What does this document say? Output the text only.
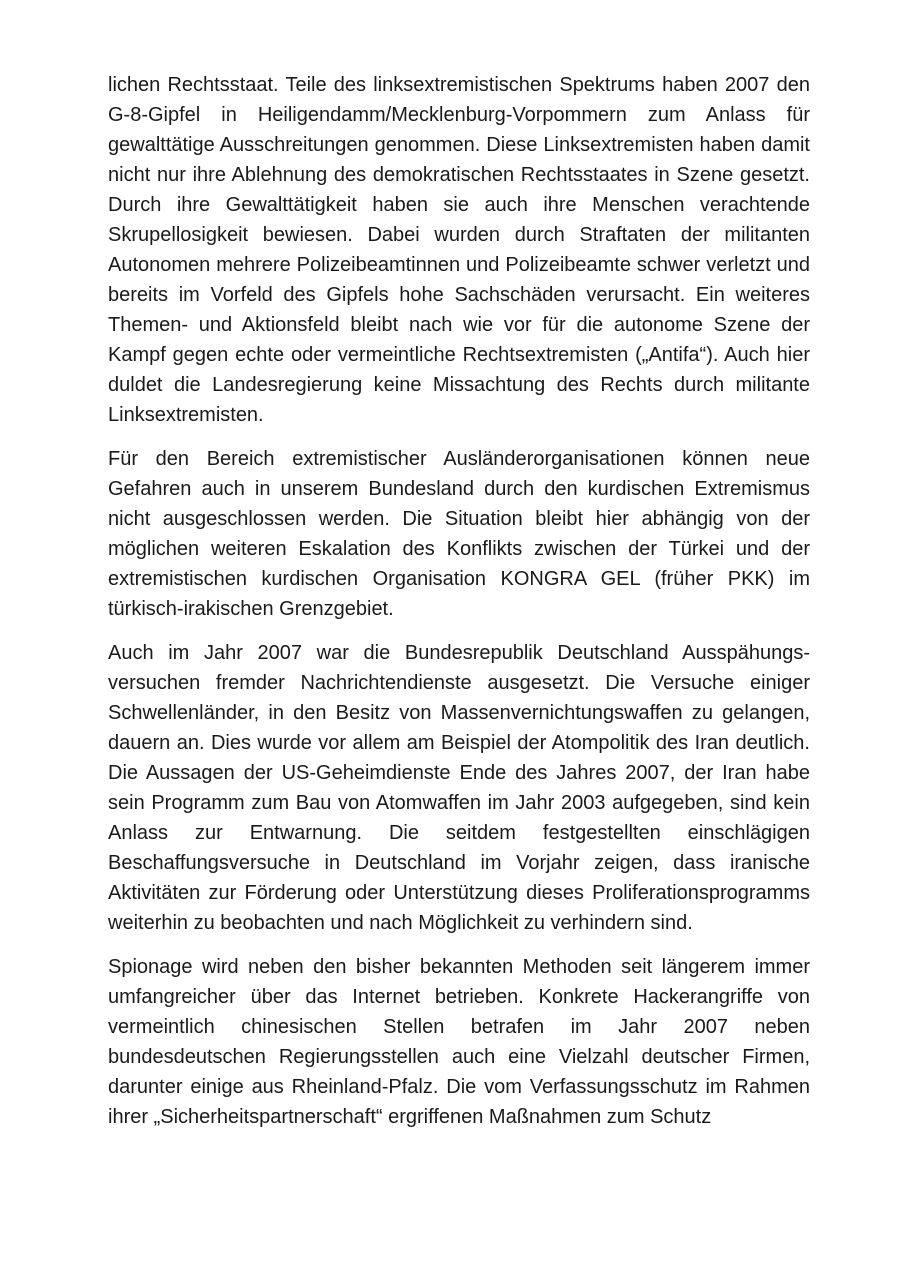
lichen Rechtsstaat. Teile des linksextremistischen Spektrums haben 2007 den G-8-Gipfel in Heiligendamm/Mecklenburg-Vorpommern zum Anlass für gewalttätige Ausschreitungen genommen. Diese Linksextremisten haben damit nicht nur ihre Ablehnung des demokratischen Rechtsstaates in Szene gesetzt. Durch ihre Gewalttätigkeit haben sie auch ihre Menschen verachtende Skrupellosigkeit bewiesen. Dabei wurden durch Straftaten der militanten Autonomen mehrere Polizeibeamtinnen und Polizeibeamte schwer verletzt und bereits im Vorfeld des Gipfels hohe Sachschäden verursacht. Ein weiteres Themen- und Aktionsfeld bleibt nach wie vor für die autonome Szene der Kampf gegen echte oder vermeintliche Rechtsextremisten („Antifa“). Auch hier duldet die Landesregierung keine Missachtung des Rechts durch militante Linksextremisten.

Für den Bereich extremistischer Ausländerorganisationen können neue Gefahren auch in unserem Bundesland durch den kurdischen Extremismus nicht ausgeschlossen werden. Die Situation bleibt hier abhängig von der möglichen weiteren Eskalation des Konflikts zwischen der Türkei und der extremistischen kurdischen Organisation KONGRA GEL (früher PKK) im türkisch-irakischen Grenzgebiet.

Auch im Jahr 2007 war die Bundesrepublik Deutschland Ausspähungsversuchen fremder Nachrichtendienste ausgesetzt. Die Versuche einiger Schwellenländer, in den Besitz von Massenvernichtungswaffen zu gelangen, dauern an. Dies wurde vor allem am Beispiel der Atompolitik des Iran deutlich. Die Aussagen der US-Geheimdienste Ende des Jahres 2007, der Iran habe sein Programm zum Bau von Atomwaffen im Jahr 2003 aufgegeben, sind kein Anlass zur Entwarnung. Die seitdem festgestellten einschlägigen Beschaffungsversuche in Deutschland im Vorjahr zeigen, dass iranische Aktivitäten zur Förderung oder Unterstützung dieses Proliferationsprogramms weiterhin zu beobachten und nach Möglichkeit zu verhindern sind.

Spionage wird neben den bisher bekannten Methoden seit längerem immer umfangreicher über das Internet betrieben. Konkrete Hackerangriffe von vermeintlich chinesischen Stellen betrafen im Jahr 2007 neben bundesdeutschen Regierungsstellen auch eine Vielzahl deutscher Firmen, darunter einige aus Rheinland-Pfalz. Die vom Verfassungsschutz im Rahmen ihrer „Sicherheitspartnerschaft“ ergriffenen Maßnahmen zum Schutz
